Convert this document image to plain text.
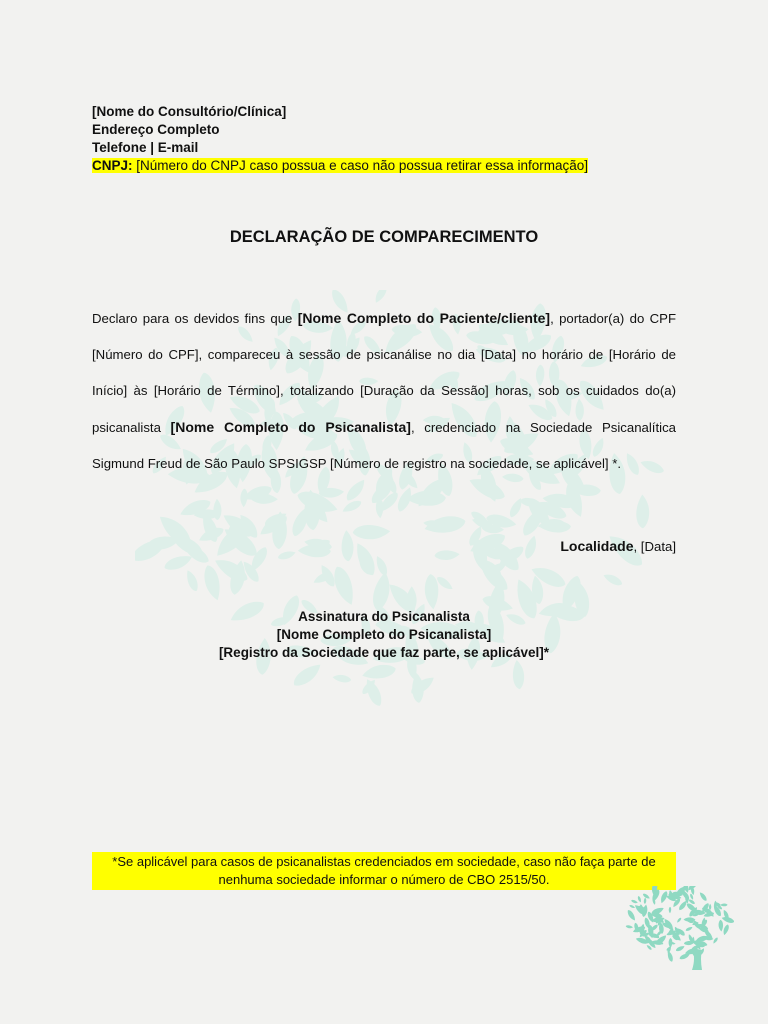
[Nome do Consultório/Clínica]
Endereço Completo
Telefone | E-mail
CNPJ: [Número do CNPJ caso possua e caso não possua retirar essa informação]
DECLARAÇÃO DE COMPARECIMENTO
Declaro para os devidos fins que [Nome Completo do Paciente/cliente], portador(a) do CPF [Número do CPF], compareceu à sessão de psicanálise no dia [Data] no horário de [Horário de Início] às [Horário de Término], totalizando [Duração da Sessão] horas, sob os cuidados do(a) psicanalista [Nome Completo do Psicanalista], credenciado na Sociedade Psicanalítica Sigmund Freud de São Paulo SPSIGSP [Número de registro na sociedade, se aplicável] *.
Localidade, [Data]
Assinatura do Psicanalista
[Nome Completo do Psicanalista]
[Registro da Sociedade que faz parte, se aplicável]*
*Se aplicável para casos de psicanalistas credenciados em sociedade, caso não faça parte de nenhuma sociedade informar o número de CBO 2515/50.
